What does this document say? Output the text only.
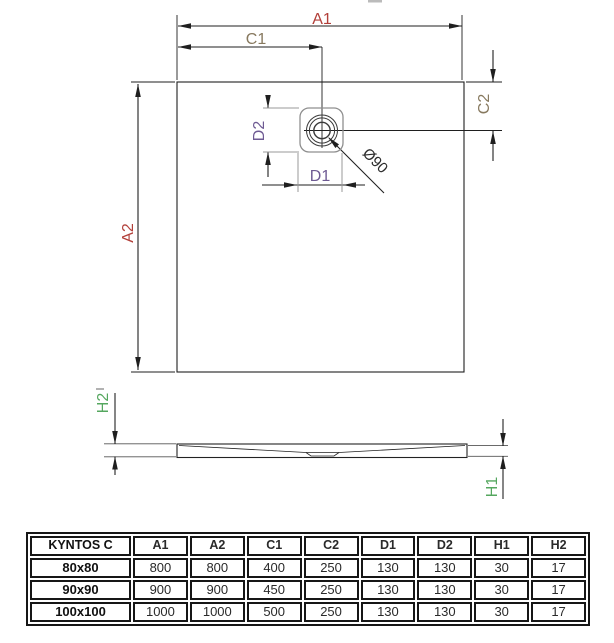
A1
C1
A2
C2
D2
D1 Ø90
H2
H1
KYNTOS C	A1	A2	C1	C2	D1	D2	H1	H2
80x80	800	800	400	250	130	130	30	17
90x90	900	900	450	250	130	130	30	17
100x100	1000	1000	500	250	130	130	30	17
